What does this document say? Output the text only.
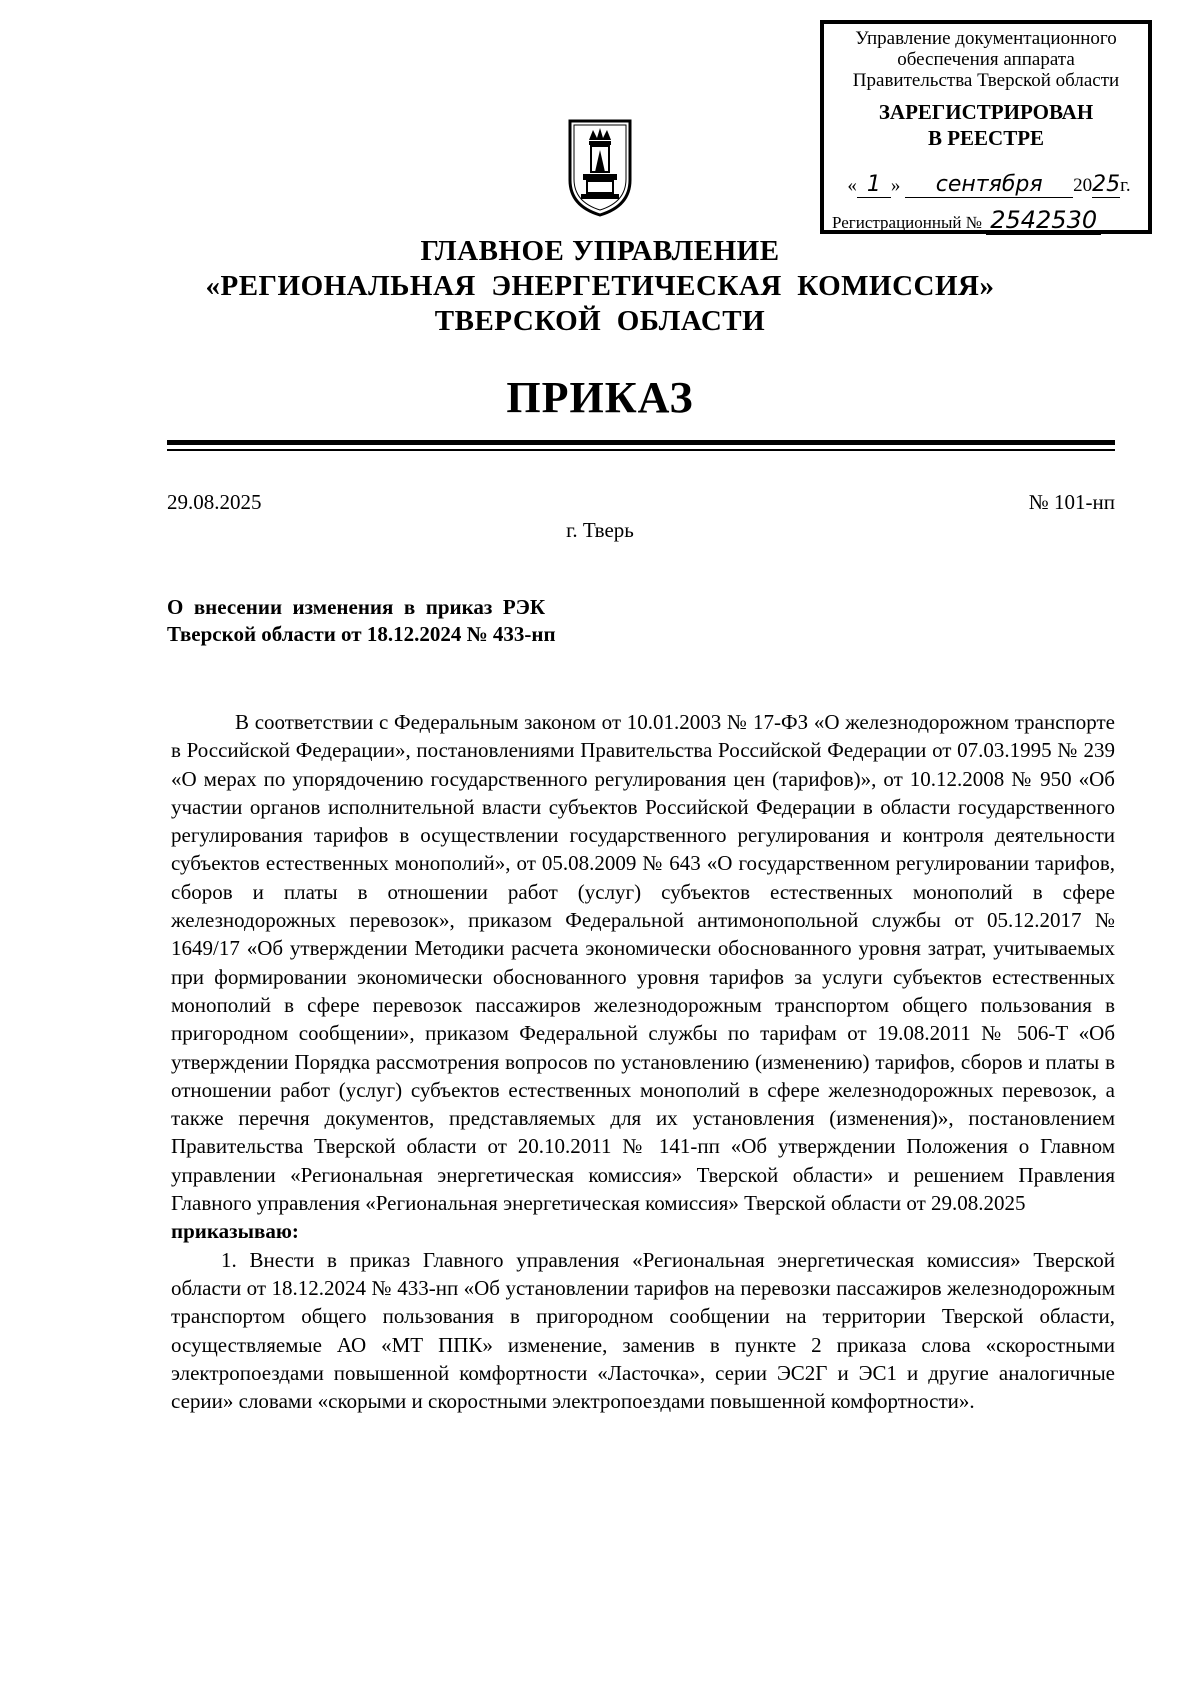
Управление документационного
обеспечения аппарата
Правительства Тверской области
ЗАРЕГИСТРИРОВАН
В РЕЕСТРЕ
« 1 » сентября 2025г.
Регистрационный № 2542530
ГЛАВНОЕ УПРАВЛЕНИЕ
«РЕГИОНАЛЬНАЯ  ЭНЕРГЕТИЧЕСКАЯ  КОМИССИЯ»
ТВЕРСКОЙ  ОБЛАСТИ
ПРИКАЗ
29.08.2025	№ 101-нп
г. Тверь
О  внесении  изменения  в  приказ  РЭК
Тверской области от 18.12.2024 № 433-нп

В соответствии с Федеральным законом от 10.01.2003 № 17-ФЗ «О железнодорожном транспорте в Российской Федерации», постановлениями Правительства Российской Федерации от 07.03.1995 № 239 «О мерах по упорядочению государственного регулирования цен (тарифов)», от 10.12.2008 № 950 «Об участии органов исполнительной власти субъектов Российской Федерации в области государственного регулирования тарифов в осуществлении государственного регулирования и контроля деятельности субъектов естественных монополий», от 05.08.2009 № 643 «О государственном регулировании тарифов, сборов и платы в отношении работ (услуг) субъектов естественных монополий в сфере железнодорожных перевозок», приказом Федеральной антимонопольной службы от 05.12.2017 № 1649/17 «Об утверждении Методики расчета экономически обоснованного уровня затрат, учитываемых при формировании экономически обоснованного уровня тарифов за услуги субъектов естественных монополий в сфере перевозок пассажиров железнодорожным транспортом общего пользования в пригородном сообщении», приказом Федеральной службы по тарифам от 19.08.2011 № 506-Т «Об утверждении Порядка рассмотрения вопросов по установлению (изменению) тарифов, сборов и платы в отношении работ (услуг) субъектов естественных монополий в сфере железнодорожных перевозок, а также перечня документов, представляемых для их установления (изменения)», постановлением Правительства Тверской области от 20.10.2011 № 141-пп «Об утверждении Положения о Главном управлении «Региональная энергетическая комиссия» Тверской области» и решением Правления Главного управления «Региональная энергетическая комиссия» Тверской области от 29.08.2025

приказываю:

1. Внести в приказ Главного управления «Региональная энергетическая комиссия» Тверской области от 18.12.2024 № 433-нп «Об установлении тарифов на перевозки пассажиров железнодорожным транспортом общего пользования в пригородном сообщении на территории Тверской области, осуществляемые АО «МТ ППК» изменение, заменив в пункте 2 приказа слова «скоростными электропоездами повышенной комфортности «Ласточка», серии ЭС2Г и ЭС1 и другие аналогичные серии» словами «скорыми и скоростными электропоездами повышенной комфортности».
